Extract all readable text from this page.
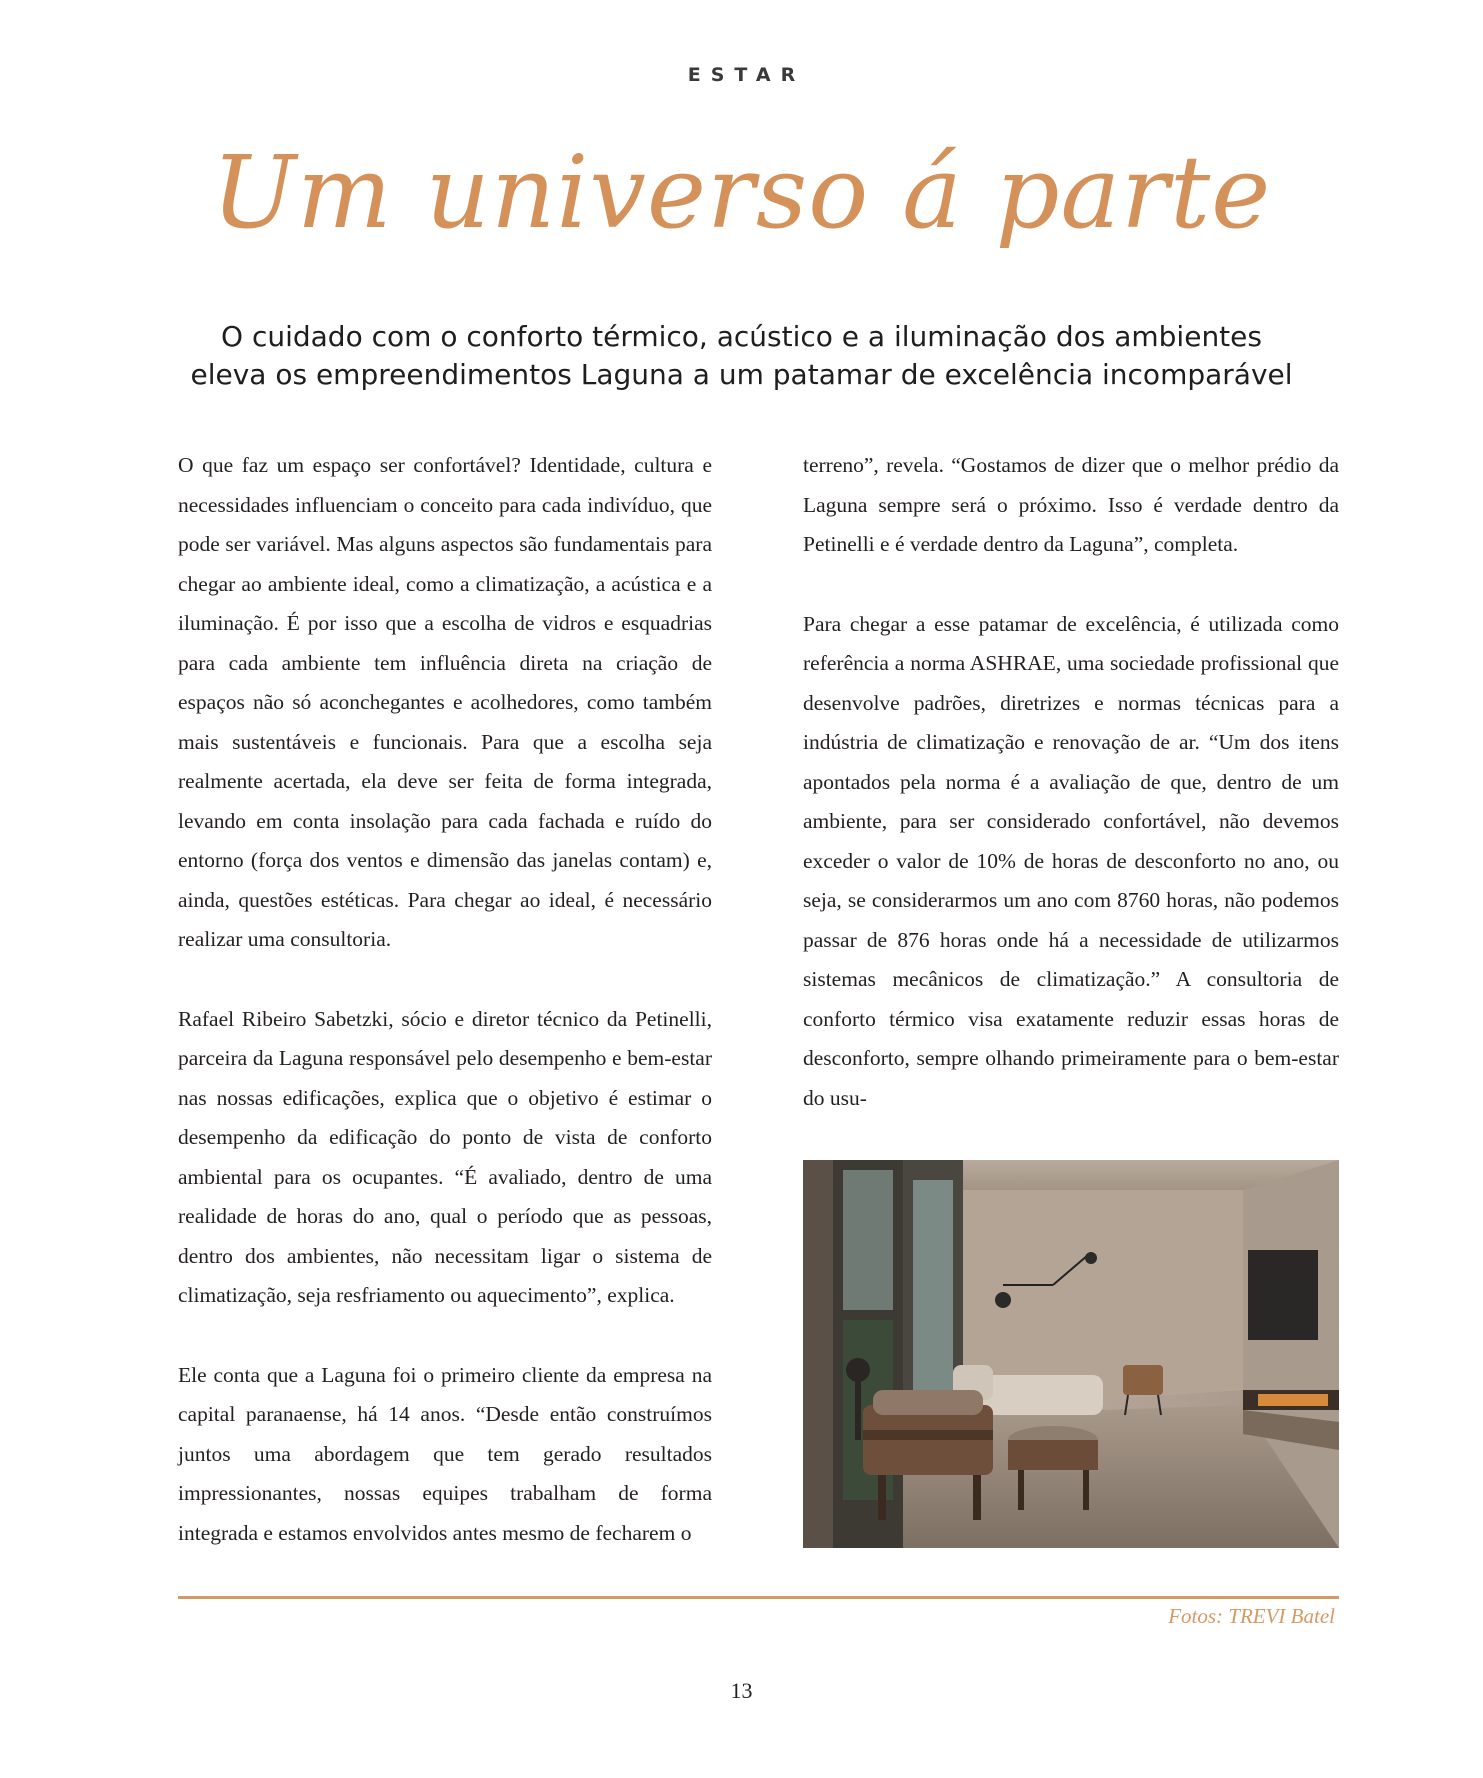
ESTAR
Um universo á parte
O cuidado com o conforto térmico, acústico e a iluminação dos ambientes
eleva os empreendimentos Laguna a um patamar de excelência incomparável

O que faz um espaço ser confortável? Identidade, cultura e necessidades influenciam o conceito para cada indivíduo, que pode ser variável. Mas alguns aspectos são fundamentais para chegar ao ambiente ideal, como a climatização, a acústica e a iluminação. É por isso que a escolha de vidros e esquadrias para cada ambiente tem influência direta na criação de espaços não só aconchegantes e acolhedores, como também mais sustentáveis e funcionais. Para que a escolha seja realmente acertada, ela deve ser feita de forma integrada, levando em conta insolação para cada fachada e ruído do entorno (força dos ventos e dimensão das janelas contam) e, ainda, questões estéticas. Para chegar ao ideal, é necessário realizar uma consultoria.

Rafael Ribeiro Sabetzki, sócio e diretor técnico da Petinelli, parceira da Laguna responsável pelo desempenho e bem-estar nas nossas edificações, explica que o objetivo é estimar o desempenho da edificação do ponto de vista de conforto ambiental para os ocupantes. “É avaliado, dentro de uma realidade de horas do ano, qual o período que as pessoas, dentro dos ambientes, não necessitam ligar o sistema de climatização, seja resfriamento ou aquecimento”, explica.

Ele conta que a Laguna foi o primeiro cliente da empresa na capital paranaense, há 14 anos. “Desde então construímos juntos uma abordagem que tem gerado resultados impressionantes, nossas equipes trabalham de forma integrada e estamos envolvidos antes mesmo de fecharem o

terreno”, revela. “Gostamos de dizer que o melhor prédio da Laguna sempre será o próximo. Isso é verdade dentro da Petinelli e é verdade dentro da Laguna”, completa.

Para chegar a esse patamar de excelência, é utilizada como referência a norma ASHRAE, uma sociedade profissional que desenvolve padrões, diretrizes e normas técnicas para a indústria de climatização e renovação de ar. “Um dos itens apontados pela norma é a avaliação de que, dentro de um ambiente, para ser considerado confortável, não devemos exceder o valor de 10% de horas de desconforto no ano, ou seja, se considerarmos um ano com 8760 horas, não podemos passar de 876 horas onde há a necessidade de utilizarmos sistemas mecânicos de climatização.” A consultoria de conforto térmico visa exatamente reduzir essas horas de desconforto, sempre olhando primeiramente para o bem-estar do usu-

Fotos: TREVI Batel
13
